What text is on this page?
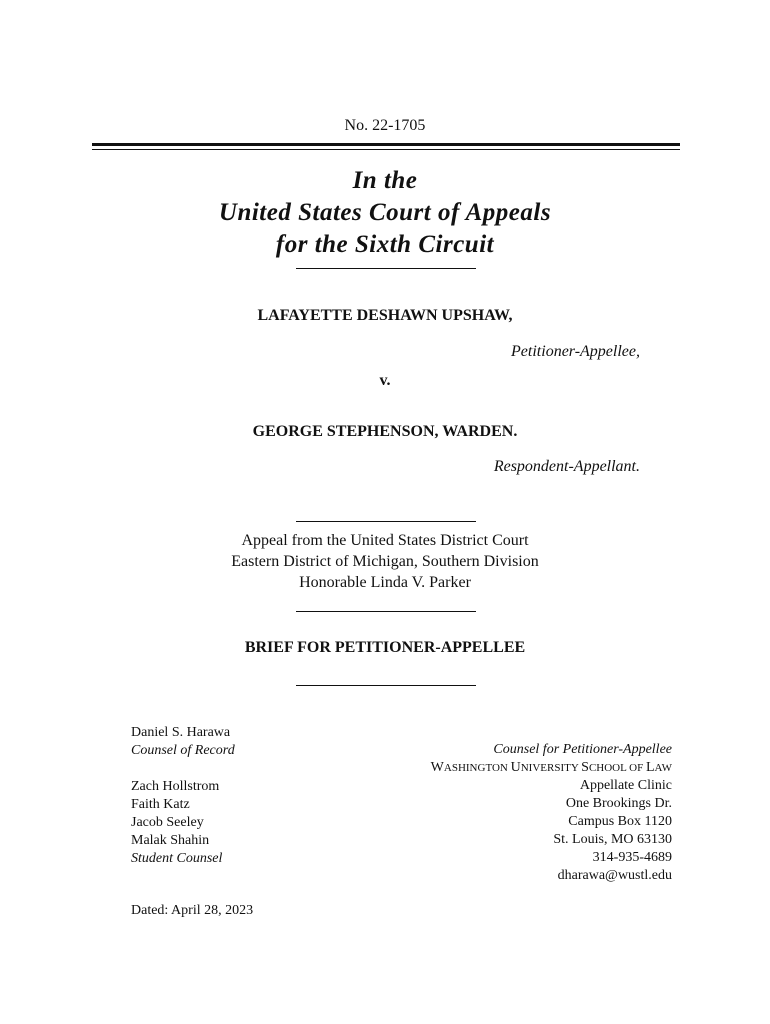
No. 22-1705
In the
United States Court of Appeals
for the Sixth Circuit
LAFAYETTE DESHAWN UPSHAW,
Petitioner-Appellee,
v.
GEORGE STEPHENSON, WARDEN.
Respondent-Appellant.
Appeal from the United States District Court
Eastern District of Michigan, Southern Division
Honorable Linda V. Parker
BRIEF FOR PETITIONER-APPELLEE
Daniel S. Harawa
Counsel of Record
Zach Hollstrom
Faith Katz
Jacob Seeley
Malak Shahin
Student Counsel
Dated: April 28, 2023
Counsel for Petitioner-Appellee
WASHINGTON UNIVERSITY SCHOOL OF LAW
Appellate Clinic
One Brookings Dr.
Campus Box 1120
St. Louis, MO 63130
314-935-4689
dharawa@wustl.edu
